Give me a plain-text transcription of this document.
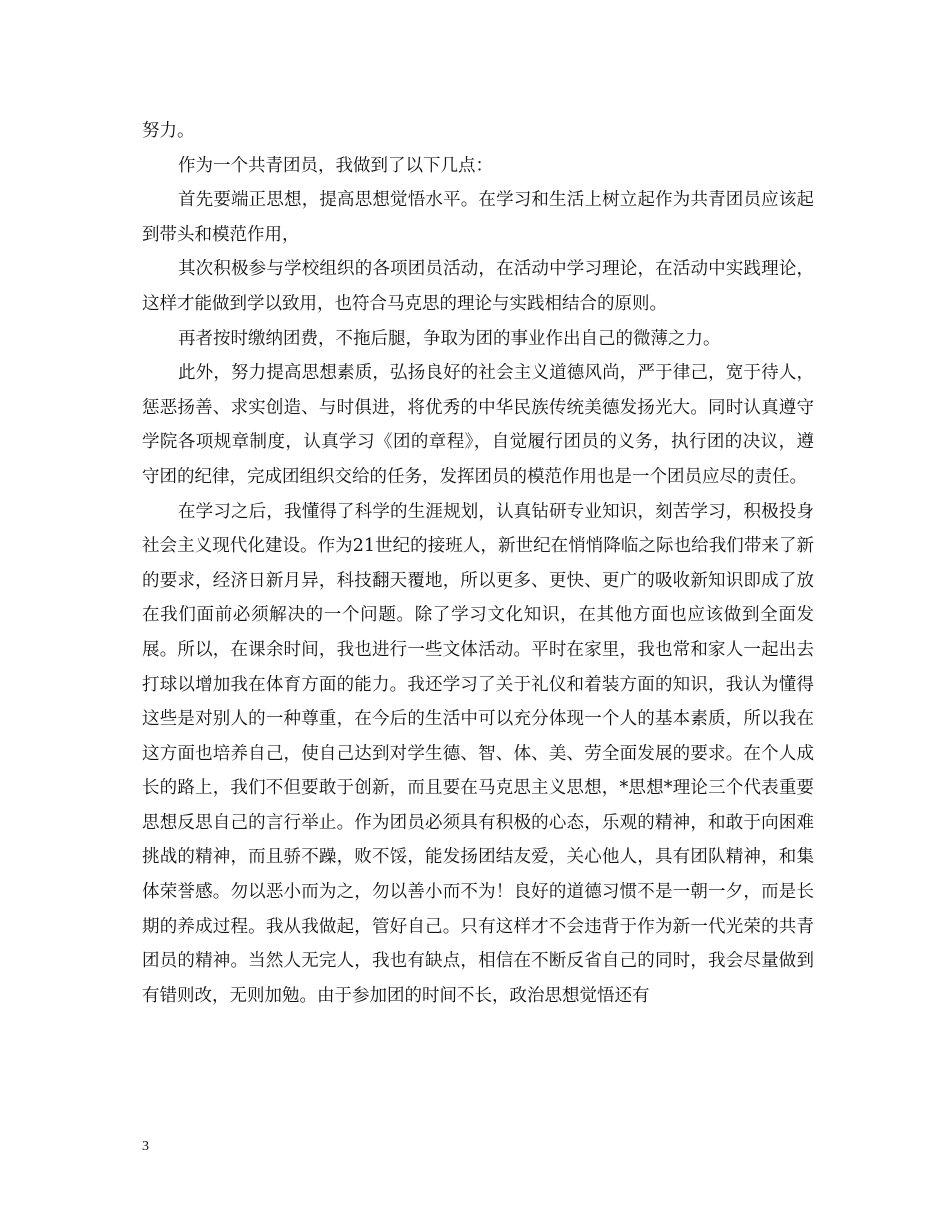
努力。

作为一个共青团员，我做到了以下几点：

首先要端正思想，提高思想觉悟水平。在学习和生活上树立起作为共青团员应该起到带头和模范作用，

其次积极参与学校组织的各项团员活动，在活动中学习理论，在活动中实践理论，这样才能做到学以致用，也符合马克思的理论与实践相结合的原则。

再者按时缴纳团费，不拖后腿，争取为团的事业作出自己的微薄之力。

此外，努力提高思想素质，弘扬良好的社会主义道德风尚，严于律己，宽于待人，惩恶扬善、求实创造、与时俱进，将优秀的中华民族传统美德发扬光大。同时认真遵守学院各项规章制度，认真学习《团的章程》，自觉履行团员的义务，执行团的决议，遵守团的纪律，完成团组织交给的任务，发挥团员的模范作用也是一个团员应尽的责任。

在学习之后，我懂得了科学的生涯规划，认真钻研专业知识，刻苦学习，积极投身社会主义现代化建设。作为21世纪的接班人，新世纪在悄悄降临之际也给我们带来了新的要求，经济日新月异，科技翻天覆地，所以更多、更快、更广的吸收新知识即成了放在我们面前必须解决的一个问题。除了学习文化知识，在其他方面也应该做到全面发展。所以，在课余时间，我也进行一些文体活动。平时在家里，我也常和家人一起出去打球以增加我在体育方面的能力。我还学习了关于礼仪和着装方面的知识，我认为懂得这些是对别人的一种尊重，在今后的生活中可以充分体现一个人的基本素质，所以我在这方面也培养自己，使自己达到对学生德、智、体、美、劳全面发展的要求。在个人成长的路上，我们不但要敢于创新，而且要在马克思主义思想，*思想*理论三个代表重要思想反思自己的言行举止。作为团员必须具有积极的心态，乐观的精神，和敢于向困难挑战的精神，而且骄不躁，败不馁，能发扬团结友爱，关心他人，具有团队精神，和集体荣誉感。勿以恶小而为之，勿以善小而不为！良好的道德习惯不是一朝一夕，而是长期的养成过程。我从我做起，管好自己。只有这样才不会违背于作为新一代光荣的共青团员的精神。当然人无完人，我也有缺点，相信在不断反省自己的同时，我会尽量做到有错则改，无则加勉。由于参加团的时间不长，政治思想觉悟还有

3
